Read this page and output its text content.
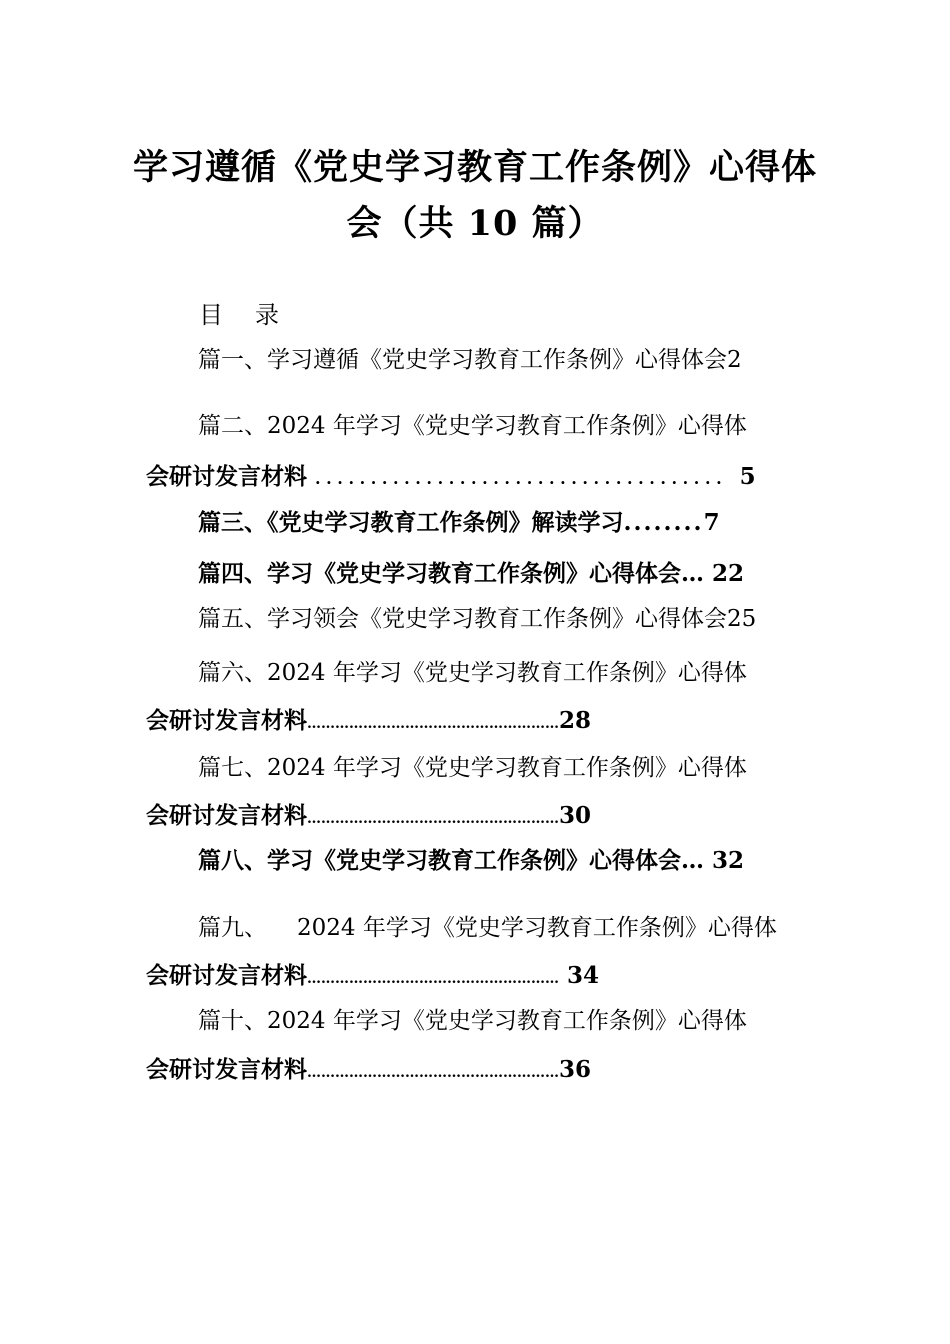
学习遵循《党史学习教育工作条例》心得体
会（共 10 篇）
目 录
篇一、学习遵循《党史学习教育工作条例》心得体会2
篇二、2024 年学习《党史学习教育工作条例》心得体
会研讨发言材料 . . . . . . . . . . . . . . . . . . . . . . . . . . . . . . . . . . . . . 5
篇三、《党史学习教育工作条例》解读学习........7
篇四、学习《党史学习教育工作条例》心得体会… 22
篇五、学习领会《党史学习教育工作条例》心得体会25
篇六、2024 年学习《党史学习教育工作条例》心得体
会研讨发言材料………………………………………………28
篇七、2024 年学习《党史学习教育工作条例》心得体
会研讨发言材料………………………………………………30
篇八、学习《党史学习教育工作条例》心得体会… 32
篇九、 2024 年学习《党史学习教育工作条例》心得体
会研讨发言材料……………………………………………… 34
篇十、2024 年学习《党史学习教育工作条例》心得体
会研讨发言材料………………………………………………36
